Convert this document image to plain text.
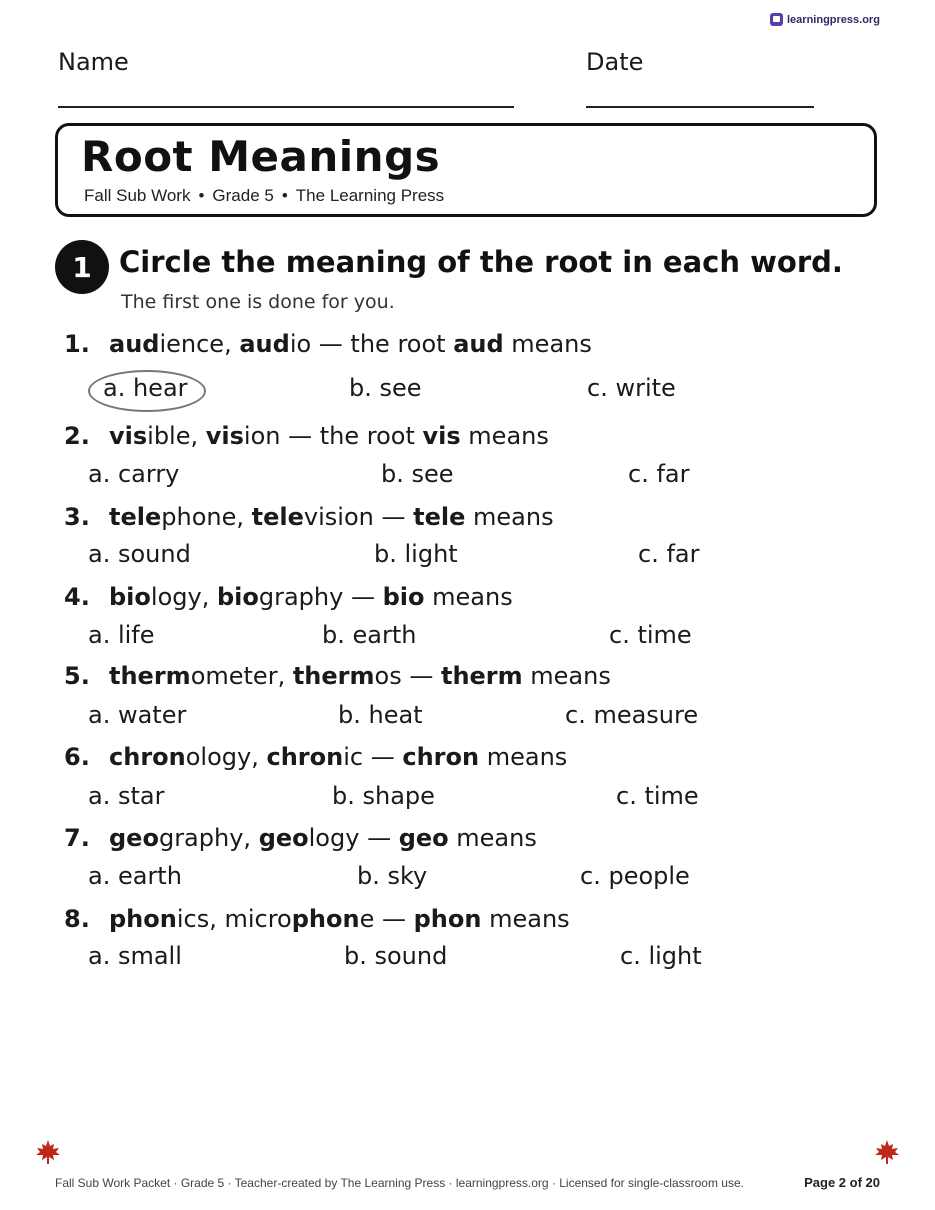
learningpress.org
Name	Date
Root Meanings
Fall Sub Work • Grade 5 • The Learning Press
1 Circle the meaning of the root in each word.
The first one is done for you.
1. aud ience , aud io — the root aud means
a. hear	b. see	c. write
2. vis ible , vis ion — the root vis means
a. carry	b. see	c. far
3. tele phone , tele vision — tele means
a. sound	b. light	c. far
4. bio logy , bio graphy — bio means
a. life	b. earth	c. time
5. therm ometer , therm os — therm means
a. water	b. heat	c. measure
6. chron ology , chron ic — chron means
a. star	b. shape	c. time
7. geo graphy , geo logy — geo means
a. earth	b. sky	c. people
8. phon ics , micro phon e — phon means
a. small	b. sound	c. light
Fall Sub Work Packet · Grade 5 · Teacher-created by The Learning Press · learningpress.org · Licensed for single-classroom use.	Page 2 of 20
